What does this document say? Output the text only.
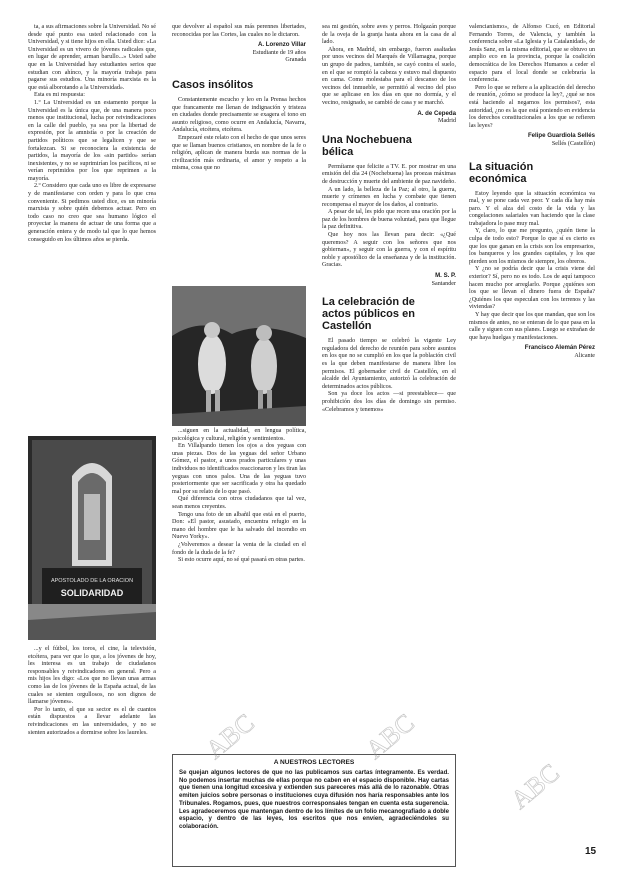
ta, a sus afirmaciones sobre la Universidad. No sé desde qué punto esa usted relacionado con la Universidad, y si tiene hijos en ella. Usted dice: «La Universidad es un vivero de jóvenes radicales que, en lugar de aprender, arman barullo...» Usted sabe que en la Universidad hay estudiantes serios que estudian con ahínco, y la mayoría trabaja para pagarse sus estudios. Una minoría marxista es la que está alborotando a la Universidad».

Esta es mi respuesta:

1.º La Universidad es un estamento porque la Universidad es la única que, de una manera poco menos que institucional, lucha por reivindicaciones en la calle del pueblo, ya sea por la libertad de expresión, por la amnistía o por la creación de partidos políticos que se legalicen y que se fortalezcan. Si se reconociera la existencia de partidos, la mayoría de los «sin partido» serían inexistentes, y no se suprimirían los pacíficos, ni se verían reprimidos por los que reprimen a la mayoría.

2.º Considero que cada uno es libre de expresarse y de manifestarse con orden y para lo que crea conveniente. Si pedimos usted dice, es un minoría marxista y sobre quién debemos actuar. Pero en todo caso no creo que sea humano lógico el proyectar la manera de actuar de una forma que a generación entera y de modo tal que lo que hemos conseguido en los últimos años se pierda.

APOSTOLADO DE LA ORACION
SOLIDARIDAD

...y el fútbol, los toros, el cine, la televisión, etcétera, para ver que lo que, a los jóvenes de hoy, les interesa es un trabajo de ciudadanos responsables y reivindicadores en general. Pero a mis hijos les digo: «Los que no llevan unas armas como las de los jóvenes de la España actual, de las cuales se sienten orgullosos, no son dignos de llamarse jóvenes».

Por lo tanto, el que su sector es el de cuantos están dispuestos a llevar adelante las reivindicaciones en las universidades, y no se sienten autorizados a dormirse sobre los laureles.

que devolver al español sus más perennes libertades, reconocidas por las Cortes, las cuales no le dictaron.

A. Lorenzo Villar
Estudiante de 19 años
Granada
Casos insólitos

Constantemente escucho y leo en la Prensa hechos que francamente me llenan de indignación y tristeza en ciudades donde precisamente se exagera el tono en asunto religioso, como ocurre en Andalucía, Navarra, Andalucía, etcétera, etcétera.

Empezaré este relato con el hecho de que unos seres que se llaman buenos cristianos, en nombre de la fe o religión, aplican de manera burda sus normas de la civilización más ordinaria, el amor y respeto a la misma, cosa que no

...siguen en la actualidad, en lengua política, psicológica y cultural, religión y sentimientos.

En Villalpando tienen los ojos a dos yeguas con unas piezas. Dos de las yeguas del señor Urbano Gómez, el pastor, a unos prados particulares y unas individuos no identificados reaccionaron y les tiran las yeguas con unos palos. Una de las yeguas tuvo posteriormente que ser sacrificada y otra ha quedado mal por su relato de lo que pasó.

Qué diferencia con otros ciudadanos que tal vez, sean menos creyentes.

Tengo una foto de un albañil que está en el puerto, Don: «El pastor, asustado, encuentra refugio en la mano del hombre que le ha salvado del incendio en Nuevo Yorky».

¿Volveremos a desear la venta de la ciudad en el fondo de la duda de la fe?

Si esto ocurre aquí, no sé qué pasará en otras partes.

sea mi gestión, sobre aves y perros. Holgazán porque de la oveja de la granja hasta ahora en la casa de al lado.

Ahora, en Madrid, sin embargo, fueron asaltadas por unos vecinos del Marqués de Villamagna, porque un grupo de padres, también, se cayó contra el suelo, en el que se rompió la cabeza y estuvo mal dispuesto en cama. Como molestaba para el descanso de los vecinos del inmueble, se permitió al vecino del piso que se aplicase en los días en que no dormía, y el vecino, resignado, se cambió de casa y se marchó.

A. de Cepeda
Madrid
Una Nochebuena bélica

Permítame que felicite a TV. E. por mostrar en una emisión del día 24 (Nochebuena) las proezas máximas de destrucción y muerte del ambiente de paz navideño.

A un lado, la belleza de la Paz; al otro, la guerra, muerte y crímenes en lucha y combate que tienen recompensa el mayor de los daños, al contrario.

A pesar de tal, les pido que recen una oración por la paz de los hombres de buena voluntad, para que llegue la paz definitiva.

Que hoy nos las llevan para decir: «¿Qué queremos? A seguir con los señores que nos gobiernan», y seguir con la guerra, y con el espíritu noble y apostólico de la enseñanza y de la institución. Gracias.

M. S. P.
Santander
La celebración de actos públicos en Castellón

El pasado tiempo se celebró la vigente Ley reguladora del derecho de reunión para sobre asuntos en los que no se cumplió en los que la población civil es la que deben manifestarse de manera libre los permisos. El gobernador civil de Castellón, en el alcalde del Ayuntamiento, autorizó la celebración de determinados actos públicos.

Son ya doce los actos —si preestablece— que prohibición dos los días de domingo sin permiso. «Celebramos y tenemos»

valencianismo», de Alfonso Cucó, en Editorial Fernando Torres, de Valencia, y también la conferencia sobre «La Iglesia y la Catalanidad», de Jesús Sanz, en la misma editorial, que se obtuvo un amplio eco en la provincia, porque la coalición democrática de los Derechos Humanos a ceder el espacio para el local donde se celebraría la conferencia.

Pero lo que se refiere a la aplicación del derecho de reunión, ¿cómo se produce la ley?, ¿qué se nos está haciendo al negarnos los permisos?, esta autoridad, ¿no es la que está poniendo en evidencia los derechos constitucionales a los que se refieren las leyes?

Felipe Guardiola Sellés
Sellés (Castellón)
La situación económica

Estoy leyendo que la situación económica va mal, y se pone cada vez peor. Y cada día hay más paro. Y el alza del costo de la vida y las congelaciones salariales van haciendo que la clase trabajadora lo pase muy mal.

Y, claro, lo que me pregunto, ¿quién tiene la culpa de todo esto? Porque lo que sí es cierto es que los que ganan en la crisis son los empresarios, los banqueros y los grandes capitales, y los que pierden son los mismos de siempre, los obreros.

Y ¿no se podría decir que la crisis viene del exterior? Sí, pero no es todo. Los de aquí tampoco hacen mucho por arreglarlo. Porque ¿quiénes son los que se llevan el dinero fuera de España? ¿Quiénes los que especulan con los terrenos y las viviendas?

Y hay que decir que los que mandan, que son los mismos de antes, no se enteran de lo que pasa en la calle y siguen con sus planes. Luego se extrañan de que haya huelgas y manifestaciones.

Francisco Alemán Pérez
Alicante
A NUESTROS LECTORES
Se quejan algunos lectores de que no las publicamos sus cartas íntegramente. Es verdad. No podemos insertar muchas de ellas porque no caben en el espacio disponible. Hay cartas que tienen una longitud excesiva y extienden sus pareceres más allá de lo razonable. Otras emiten juicios sobre personas o instituciones cuya difusión nos haría responsables ante los Tribunales. Rogamos, pues, que nuestros corresponsales tengan en cuenta esta sugerencia. Les agradeceremos que mantengan dentro de los límites de un folio mecanografiado a doble espacio, y dentro de las leyes, los escritos que nos envíen, agradeciéndoles su colaboración.
ABC	ABC
ABC
15
